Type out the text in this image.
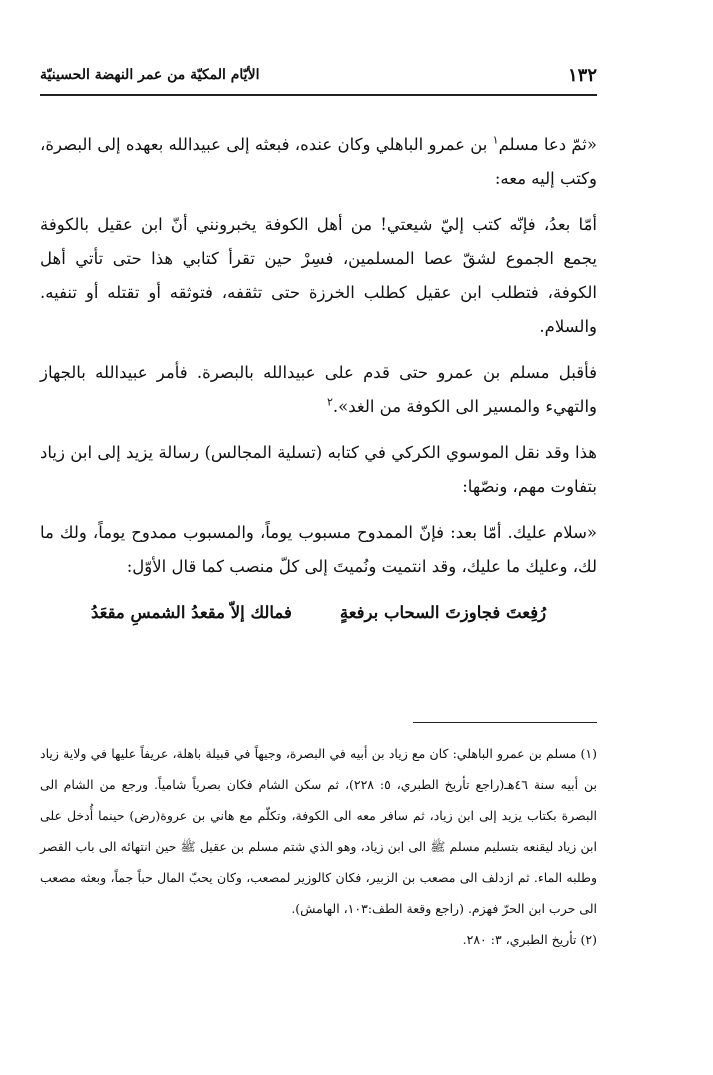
١٣٢
الأيّام المكيّة من عمر النهضة الحسينيّة

«ثمّ دعا مسلم$^١$ بن عمرو الباهلي وكان عنده، فبعثه إلى عبيدالله بعهده إلى البصرة، وكتب إليه معه:

أمّا بعدُ، فإنّه كتب إليّ شيعتي! من أهل الكوفة يخبرونني أنّ ابن عقيل بالكوفة يجمع الجموع لشقّ عصا المسلمين، فسِرْ حين تقرأ كتابي هذا حتى تأتي أهل الكوفة، فتطلب ابن عقيل كطلب الخرزة حتى تثقفه، فتوثقه أو تقتله أو تنفيه. والسلام.

فأقبل مسلم بن عمرو حتى قدم على عبيدالله بالبصرة. فأمر عبيدالله بالجهاز والتهيء والمسير الى الكوفة من الغد».$^٢$

هذا وقد نقل الموسوي الكركي في كتابه (تسلية المجالس) رسالة يزيد إلى ابن زياد بتفاوت مهم، ونصّها:

«سلام عليك. أمّا بعد: فإنّ الممدوح مسبوب يوماً، والمسبوب ممدوح يوماً، ولك ما لك، وعليك ما عليك، وقد انتميت ونُميتَ إلى كلّ منصب كما قال الأوّل:

رُفِعتَ فجاوزتَ السحاب برفعةٍ
فمالك إلاّ مقعدُ الشمسِ مقعَدُ

(١) مسلم بن عمرو الباهلي: كان مع زياد بن أبيه في البصرة، وجيهاً في قبيلة باهلة، عريفاً عليها في ولاية زياد بن أبيه سنة ٤٦هـ(راجع تأريخ الطبري، ٥: ٢٢٨)، ثم سكن الشام فكان بصرياً شامياً. ورجع من الشام الى البصرة بكتاب يزيد إلى ابن زياد، ثم سافر معه الى الكوفة، وتكلّم مع هاني بن عروة(رض) حينما أُدخل على ابن زياد ليقنعه بتسليم مسلم ﷺ الى ابن زياد، وهو الذي شتم مسلم بن عقيل ﷺ حين انتهائه الى باب القصر وطلبه الماء. ثم ازدلف الى مصعب بن الزبير، فكان كالوزير لمصعب، وكان يحبّ المال حباً جماً، وبعثه مصعب الى حرب ابن الحرّ فهزم. (راجع وقعة الطف:١٠٣، الهامش).

(٢) تأريخ الطبري، ٣: ٢٨٠.
